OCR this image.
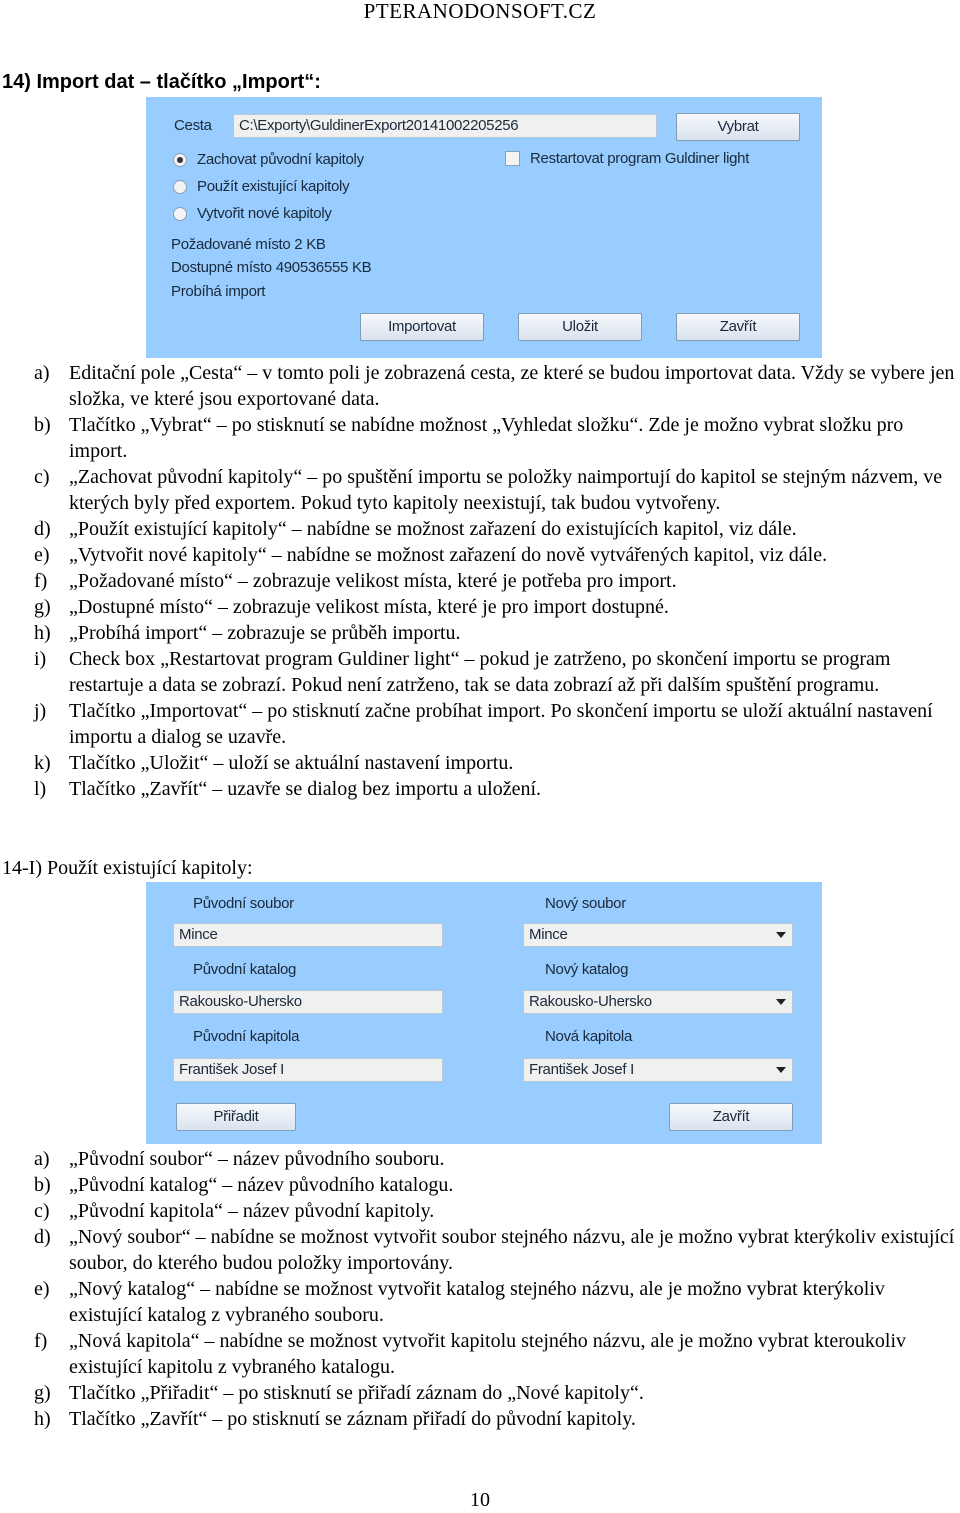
PTERANODONSOFT.CZ
14) Import dat – tlačítko „Import“:
Cesta	C:\Exporty\GuldinerExport20141002205256	Vybrat
Zachovat původní kapitoly
Použít existující kapitoly
Vytvořit nové kapitoly
Restartovat program Guldiner light
Požadované místo 2 KB
Dostupné místo 490536555 KB
Probíhá import
Importovat	Uložit	Zavřít
a) Editační pole „Cesta“ – v tomto poli je zobrazená cesta, ze které se budou importovat data. Vždy se vybere jen složka, ve které jsou exportované data.
b) Tlačítko „Vybrat“ – po stisknutí se nabídne možnost „Vyhledat složku“. Zde je možno vybrat složku pro import.
c) „Zachovat původní kapitoly“ – po spuštění importu se položky naimportují do kapitol se stejným názvem, ve kterých byly před exportem. Pokud tyto kapitoly neexistují, tak budou vytvořeny.
d) „Použít existující kapitoly“ – nabídne se možnost zařazení do existujících kapitol, viz dále.
e) „Vytvořit nové kapitoly“ – nabídne se možnost zařazení do nově vytvářených kapitol, viz dále.
f)	„Požadované místo“ – zobrazuje velikost místa, které je potřeba pro import.
g) „Dostupné místo“ – zobrazuje velikost místa, které je pro import dostupné.
h) „Probíhá import“ – zobrazuje se průběh importu.
i)	Check box „Restartovat program Guldiner light“ – pokud je zatrženo, po skončení importu se program restartuje a data se zobrazí. Pokud není zatrženo, tak se data zobrazí až při dalším spuštění programu.
j)	Tlačítko „Importovat“ – po stisknutí začne probíhat import. Po skončení importu se uloží aktuální nastavení importu a dialog se uzavře.
k) Tlačítko „Uložit“ – uloží se aktuální nastavení importu.
l)	Tlačítko „Zavřít“ – uzavře se dialog bez importu a uložení.
14-I) Použít existující kapitoly:
Původní soubor
Mince
Nový soubor
Mince
Původní katalog
Rakousko-Uhersko
Nový katalog
Rakousko-Uhersko
Původní kapitola
František Josef I
Nová kapitola
František Josef I
Přiřadit	Zavřít
a) „Původní soubor“ – název původního souboru.
b) „Původní katalog“ – název původního katalogu.
c) „Původní kapitola“ – název původní kapitoly.
d) „Nový soubor“ – nabídne se možnost vytvořit soubor stejného názvu, ale je možno vybrat kterýkoliv existující soubor, do kterého budou položky importovány.
e) „Nový katalog“ – nabídne se možnost vytvořit katalog stejného názvu, ale je možno vybrat kterýkoliv existující katalog z vybraného souboru.
f)	„Nová kapitola“ – nabídne se možnost vytvořit kapitolu stejného názvu, ale je možno vybrat kteroukoliv existující kapitolu z vybraného katalogu.
g) Tlačítko „Přiřadit“ – po stisknutí se přiřadí záznam do „Nové kapitoly“.
h) Tlačítko „Zavřít“ – po stisknutí se záznam přiřadí do původní kapitoly.
10
